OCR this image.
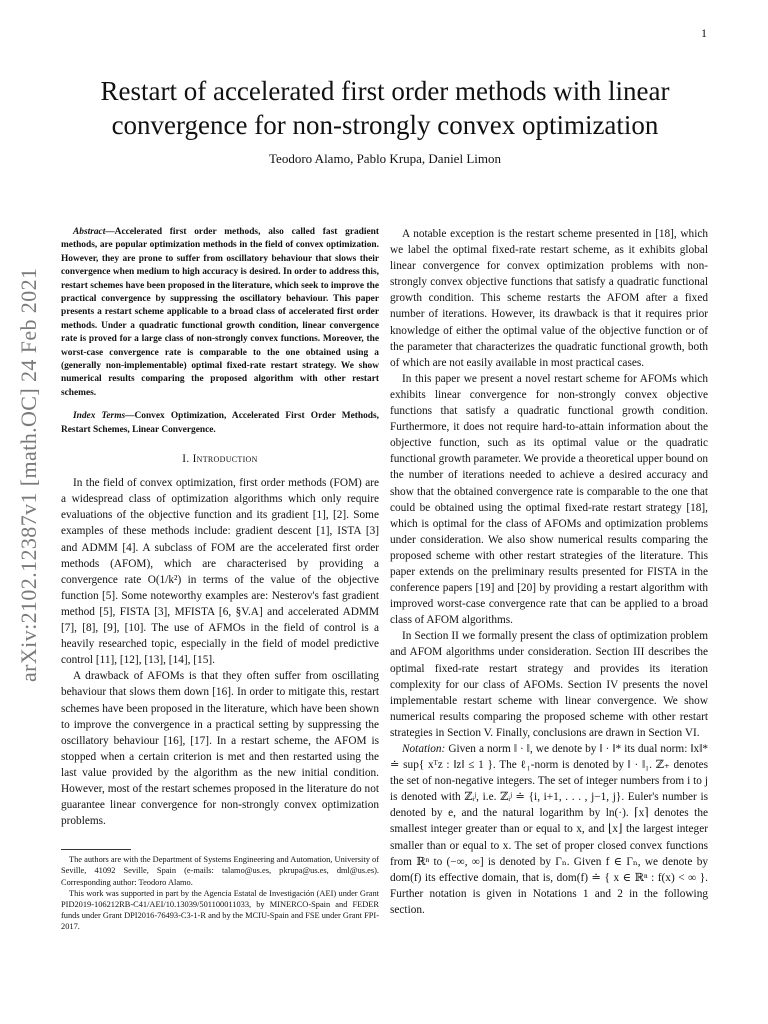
1
arXiv:2102.12387v1 [math.OC] 24 Feb 2021
Restart of accelerated first order methods with linear
convergence for non-strongly convex optimization
Teodoro Alamo, Pablo Krupa, Daniel Limon

Abstract—Accelerated first order methods, also called fast gradient methods, are popular optimization methods in the field of convex optimization. However, they are prone to suffer from oscillatory behaviour that slows their convergence when medium to high accuracy is desired. In order to address this, restart schemes have been proposed in the literature, which seek to improve the practical convergence by suppressing the oscillatory behaviour. This paper presents a restart scheme applicable to a broad class of accelerated first order methods. Under a quadratic functional growth condition, linear convergence rate is proved for a large class of non-strongly convex functions. Moreover, the worst-case convergence rate is comparable to the one obtained using a (generally non-implementable) optimal fixed-rate restart strategy. We show numerical results comparing the proposed algorithm with other restart schemes.

Index Terms—Convex Optimization, Accelerated First Order Methods, Restart Schemes, Linear Convergence.

I. Introduction

In the field of convex optimization, first order methods (FOM) are a widespread class of optimization algorithms which only require evaluations of the objective function and its gradient [1], [2]. Some examples of these methods include: gradient descent [1], ISTA [3] and ADMM [4]. A subclass of FOM are the accelerated first order methods (AFOM), which are characterised by providing a convergence rate O(1/k²) in terms of the value of the objective function [5]. Some noteworthy examples are: Nesterov's fast gradient method [5], FISTA [3], MFISTA [6, §V.A] and accelerated ADMM [7], [8], [9], [10]. The use of AFMOs in the field of control is a heavily researched topic, especially in the field of model predictive control [11], [12], [13], [14], [15].

A drawback of AFOMs is that they often suffer from oscillating behaviour that slows them down [16]. In order to mitigate this, restart schemes have been proposed in the literature, which have been shown to improve the convergence in a practical setting by suppressing the oscillatory behaviour [16], [17]. In a restart scheme, the AFOM is stopped when a certain criterion is met and then restarted using the last value provided by the algorithm as the new initial condition. However, most of the restart schemes proposed in the literature do not guarantee linear convergence for non-strongly convex optimization problems.

The authors are with the Department of Systems Engineering and Automation, University of Seville, 41092 Seville, Spain (e-mails: talamo@us.es, pkrupa@us.es, dml@us.es). Corresponding author: Teodoro Alamo.

This work was supported in part by the Agencia Estatal de Investigación (AEI) under Grant PID2019-106212RB-C41/AEI/10.13039/501100011033, by MINERCO-Spain and FEDER funds under Grant DPI2016-76493-C3-1-R and by the MCIU-Spain and FSE under Grant FPI-2017.

A notable exception is the restart scheme presented in [18], which we label the optimal fixed-rate restart scheme, as it exhibits global linear convergence for convex optimization problems with non-strongly convex objective functions that satisfy a quadratic functional growth condition. This scheme restarts the AFOM after a fixed number of iterations. However, its drawback is that it requires prior knowledge of either the optimal value of the objective function or of the parameter that characterizes the quadratic functional growth, both of which are not easily available in most practical cases.

In this paper we present a novel restart scheme for AFOMs which exhibits linear convergence for non-strongly convex objective functions that satisfy a quadratic functional growth condition. Furthermore, it does not require hard-to-attain information about the objective function, such as its optimal value or the quadratic functional growth parameter. We provide a theoretical upper bound on the number of iterations needed to achieve a desired accuracy and show that the obtained convergence rate is comparable to the one that could be obtained using the optimal fixed-rate restart strategy [18], which is optimal for the class of AFOMs and optimization problems under consideration. We also show numerical results comparing the proposed scheme with other restart strategies of the literature. This paper extends on the preliminary results presented for FISTA in the conference papers [19] and [20] by providing a restart algorithm with improved worst-case convergence rate that can be applied to a broad class of AFOM algorithms.

In Section II we formally present the class of optimization problem and AFOM algorithms under consideration. Section III describes the optimal fixed-rate restart strategy and provides its iteration complexity for our class of AFOMs. Section IV presents the novel implementable restart scheme with linear convergence. We show numerical results comparing the proposed scheme with other restart strategies in Section V. Finally, conclusions are drawn in Section VI.

Notation: Given a norm ‖ · ‖, we denote by ‖ · ‖* its dual norm: ‖x‖* ≐ sup{ xᵀz : ‖z‖ ≤ 1 }. The ℓ₁-norm is denoted by ‖ · ‖₁. ℤ₊ denotes the set of non-negative integers. The set of integer numbers from i to j is denoted with ℤᵢʲ, i.e. ℤᵢʲ ≐ {i, i+1, . . . , j−1, j}. Euler's number is denoted by e, and the natural logarithm by ln(·). ⌈x⌉ denotes the smallest integer greater than or equal to x, and ⌊x⌋ the largest integer smaller than or equal to x. The set of proper closed convex functions from ℝⁿ to (−∞, ∞] is denoted by Γₙ. Given f ∈ Γₙ, we denote by dom(f) its effective domain, that is, dom(f) ≐ { x ∈ ℝⁿ : f(x) < ∞ }. Further notation is given in Notations 1 and 2 in the following section.
